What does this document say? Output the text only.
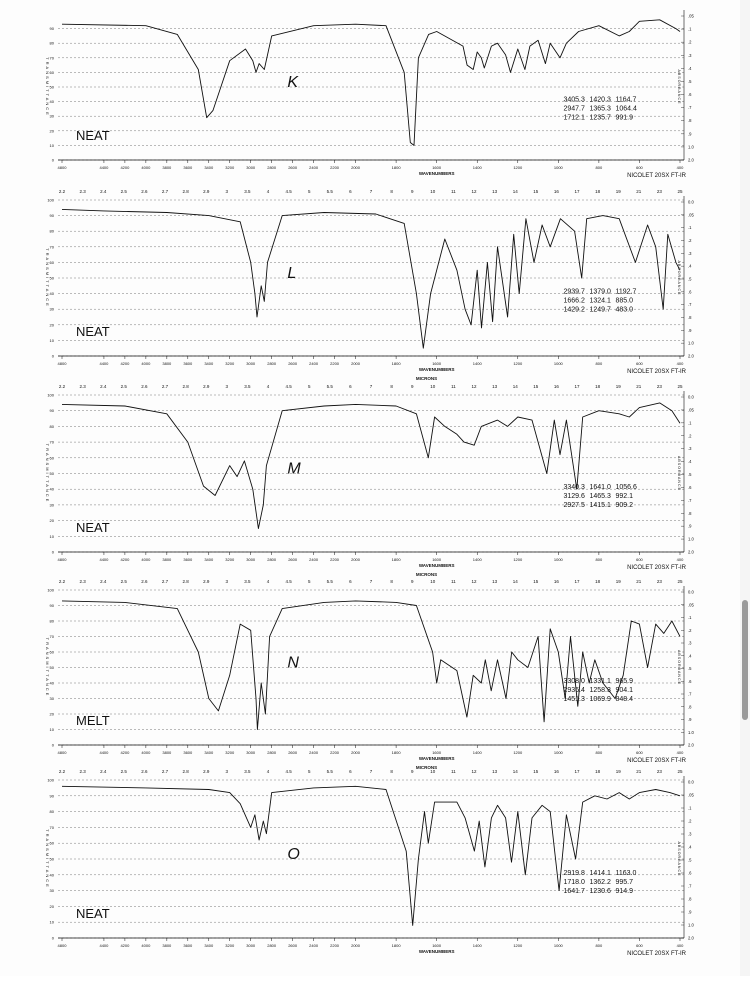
90
80
70
60
50
40
30
20
10
0
TRANSMITTANCE
4800	4400	4200	4000	3800	3600	3400	3200	3000	2800	2600	2400	2200	2000	1800	1600	1400	1200	1000	800	600	400
WAVENUMBERS
.05
.1
.2
.3
.4
.5
.6
.7
.8
.9
1.0
2.0
ABSORBANCE
K
NEAT
3405.3 1420.3 1164.7
2947.7 1365.3 1064.4
1712.1 1235.7 991.9
NICOLET 20SX FT-IR
2.2	2.3	2.4	2.5	2.6	2.7	2.8	2.9	3	3.5	4	4.5	5	5.5	6	7	8	9	10	11	12	13	14	15	16	17	18	19	21	23	25
100
90
80
70
60
50
40
30
20
10
0
TRANSMITTANCE
4800	4400	4200	4000	3800	3600	3400	3200	3000	2800	2600	2400	2200	2000	1800	1600	1400	1200	1000	800	600	400
WAVENUMBERS
MICRONS
0.0
.05
.1
.2
.3
.4
.5
.6
.7
.8
.9
1.0
2.0
ABSORBANCE
L
NEAT
2939.7 1379.0 1192.7
1666.2 1324.1 885.0
1429.2 1249.7 483.0
NICOLET 20SX FT-IR
2.2	2.3	2.4	2.5	2.6	2.7	2.8	2.9	3	3.5	4	4.5	5	5.5	6	7	8	9	10	11	12	13	14	15	16	17	18	19	21	23	25
100
90
80
70
60
50
40
30
20
10
0
TRANSMITTANCE
4800	4400	4200	4000	3800	3600	3400	3200	3000	2800	2600	2400	2200	2000	1800	1600	1400	1200	1000	800	600	400
WAVENUMBERS
MICRONS
0.0
.05
.1
.2
.3
.4
.5
.6
.7
.8
.9
1.0
2.0
ABSORBANCE
M
NEAT
3340.3 1641.0 1056.6
3129.6 1465.3 992.1
2927.5 1415.1 909.2
NICOLET 20SX FT-IR
2.2	2.3	2.4	2.5	2.6	2.7	2.8	2.9	3	3.5	4	4.5	5	5.5	6	7	8	9	10	11	12	13	14	15	16	17	18	19	21	23	25
100
90
80
70
60
50
40
30
20
10
0
TRANSMITTANCE
4800	4400	4200	4000	3800	3600	3400	3200	3000	2800	2600	2400	2200	2000	1800	1600	1400	1200	1000	800	600	400
WAVENUMBERS
MICRONS
0.0
.05
.1
.2
.3
.4
.5
.6
.7
.8
.9
1.0
2.0
ABSORBANCE
N
MELT
3308.0 1331.1 965.9
2936.4 1258.3 904.1
1451.3 1069.9 848.4
NICOLET 20SX FT-IR
2.2	2.3	2.4	2.5	2.6	2.7	2.8	2.9	3	3.5	4	4.5	5	5.5	6	7	8	9	10	11	12	13	14	15	16	17	18	19	21	23	25
100
90
80
70
60
50
40
30
20
10
0
TRANSMITTANCE
4800	4400	4200	4000	3800	3600	3400	3200	3000	2800	2600	2400	2200	2000	1800	1600	1400	1200	1000	800	600	400
WAVENUMBERS
0.0
.05
.1
.2
.3
.4
.5
.6
.7
.8
.9
1.0
2.0
ABSORBANCE
O
NEAT
2919.8 1414.1 1163.0
1718.0 1362.2 995.7
1641.7 1230.6 914.9
NICOLET 20SX FT-IR
